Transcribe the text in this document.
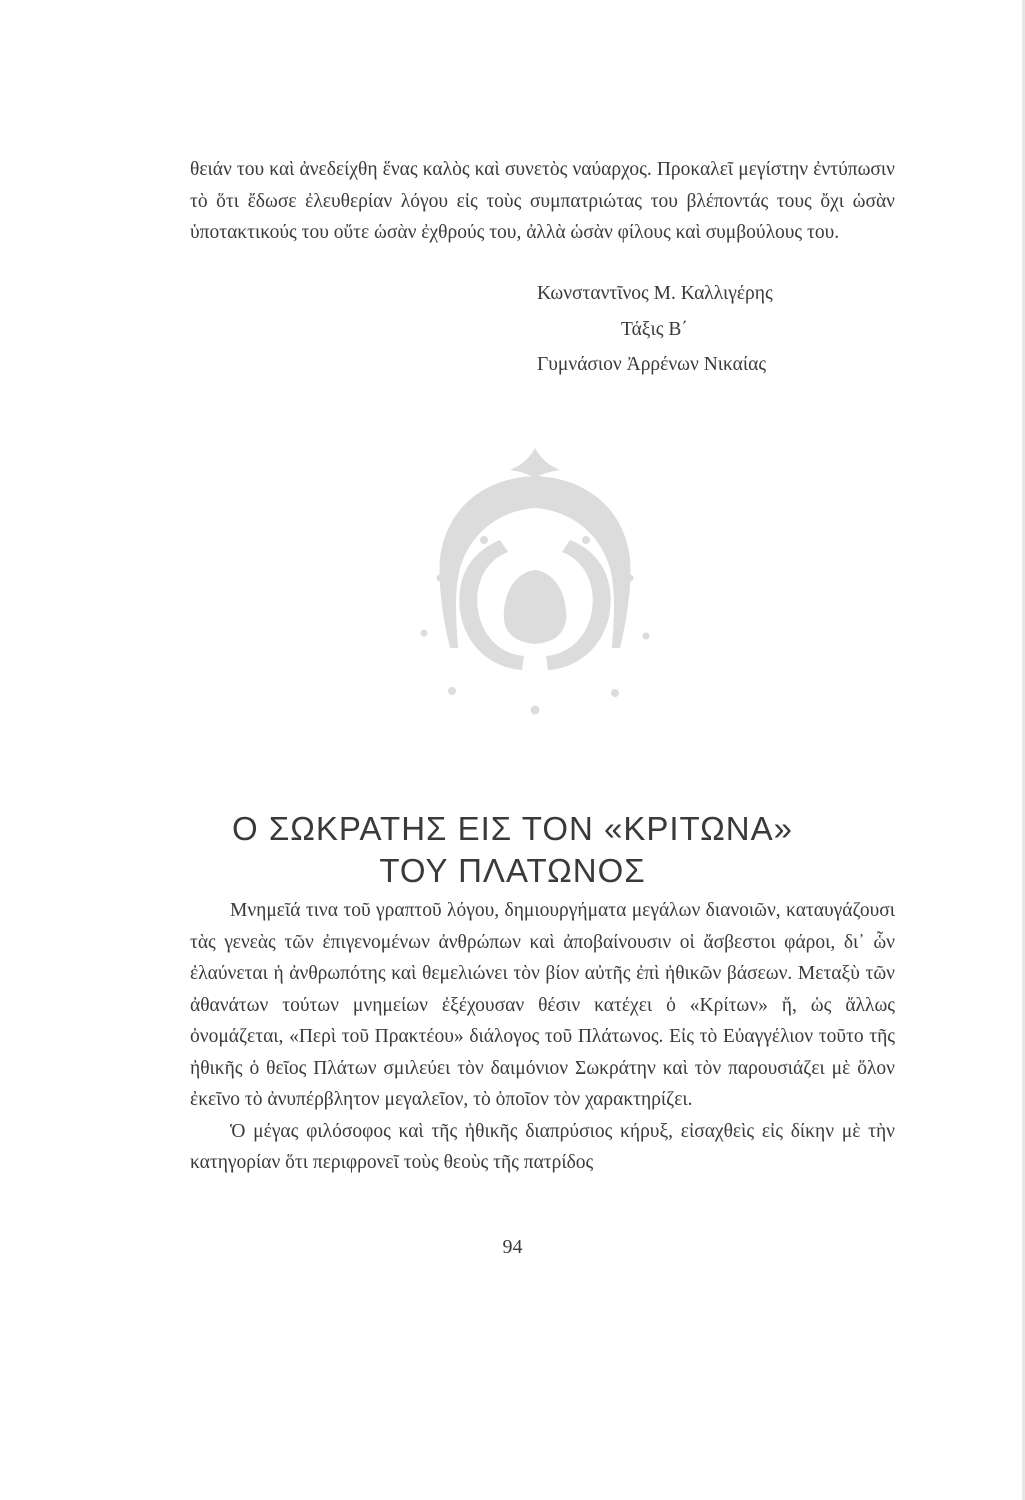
θειάν του καὶ ἀνεδείχθη ἕνας καλὸς καὶ συνετὸς ναύαρχος. Προκαλεῖ μεγίστην ἐντύπωσιν τὸ ὅτι ἔδωσε ἐλευθερίαν λόγου εἰς τοὺς συμπατριώτας του βλέποντάς τους ὄχι ὡσὰν ὑποτακτικούς του οὔτε ὡσὰν ἐχθρούς του, ἀλλὰ ὡσὰν φίλους καὶ συμβούλους του.
Κωνσταντῖνος Μ. Καλλιγέρης
Τάξις Β΄
Γυμνάσιον Ἀρρένων Νικαίας
Ο ΣΩΚΡΑΤΗΣ ΕΙΣ ΤΟΝ «ΚΡΙΤΩΝΑ»
ΤΟΥ ΠΛΑΤΩΝΟΣ

Μνημεῖά τινα τοῦ γραπτοῦ λόγου, δημιουργήματα μεγάλων διανοιῶν, καταυγάζουσι τὰς γενεὰς τῶν ἐπιγενομένων ἀνθρώπων καὶ ἀποβαίνουσιν οἱ ἄσβεστοι φάροι, δι᾽ ὧν ἐλαύνεται ἡ ἀνθρωπότης καὶ θεμελιώνει τὸν βίον αὐτῆς ἐπὶ ἠθικῶν βάσεων. Μεταξὺ τῶν ἀθανάτων τούτων μνημείων ἐξέχουσαν θέσιν κατέχει ὁ «Κρίτων» ἤ, ὡς ἄλλως ὀνομάζεται, «Περὶ τοῦ Πρακτέου» διάλογος τοῦ Πλάτωνος. Εἰς τὸ Εὐαγγέλιον τοῦτο τῆς ἠθικῆς ὁ θεῖος Πλάτων σμιλεύει τὸν δαιμόνιον Σωκράτην καὶ τὸν παρουσιάζει μὲ ὅλον ἐκεῖνο τὸ ἀνυπέρβλητον μεγαλεῖον, τὸ ὁποῖον τὸν χαρακτηρίζει.

Ὁ μέγας φιλόσοφος καὶ τῆς ἠθικῆς διαπρύσιος κήρυξ, εἰσαχθεὶς εἰς δίκην μὲ τὴν κατηγορίαν ὅτι περιφρονεῖ τοὺς θεοὺς τῆς πατρίδος

94
